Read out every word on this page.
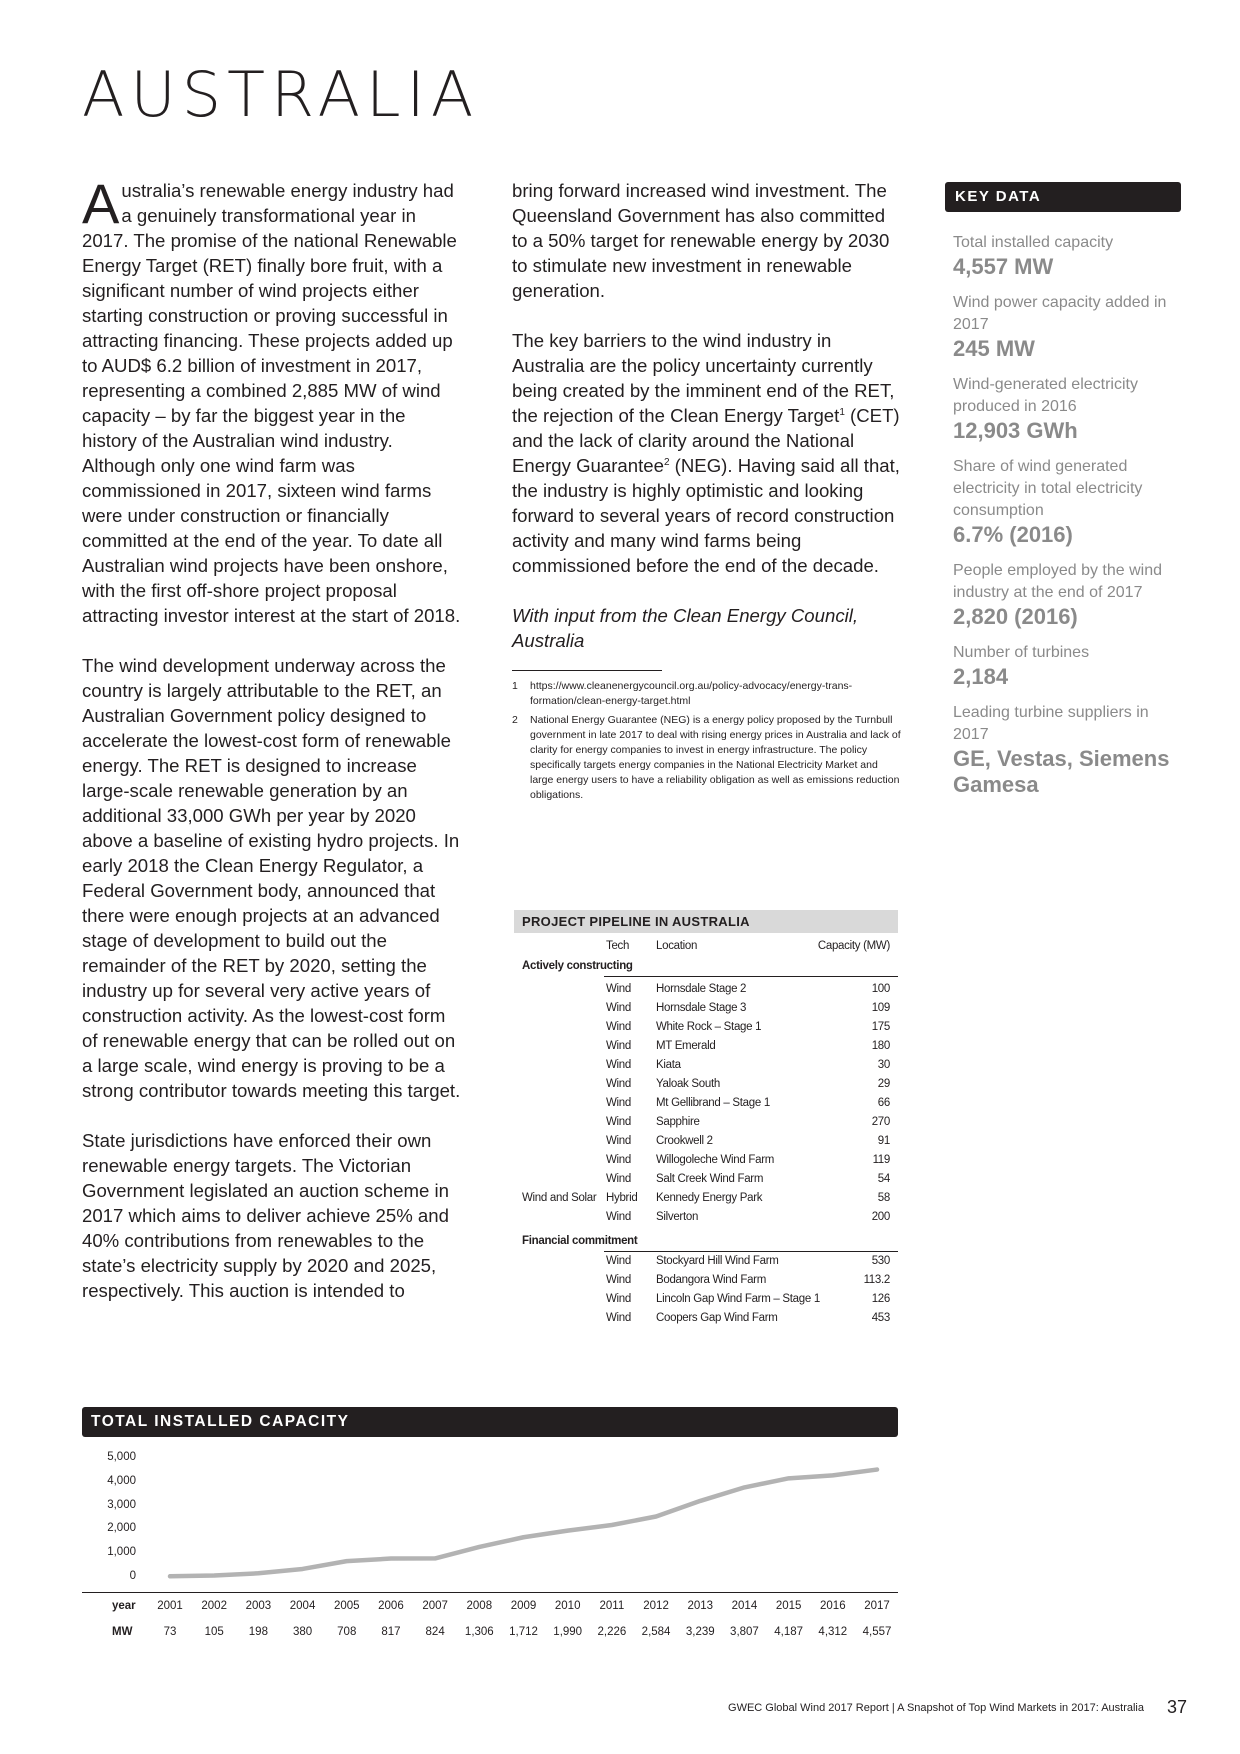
AUSTRALIA

Australia’s renewable energy industry had a genuinely transformational year in 2017. The promise of the national Renewable Energy Target (RET) finally bore fruit, with a significant number of wind projects either starting construction or proving successful in attracting financing. These projects added up to AUD$ 6.2 billion of investment in 2017, representing a combined 2,885 MW of wind capacity – by far the biggest year in the history of the Australian wind industry. Although only one wind farm was commissioned in 2017, sixteen wind farms were under construction or financially committed at the end of the year. To date all Australian wind projects have been onshore, with the first off-shore project proposal attracting investor interest at the start of 2018.

The wind development underway across the country is largely attributable to the RET, an Australian Government policy designed to accelerate the lowest-cost form of renewable energy. The RET is designed to increase large-scale renewable generation by an additional 33,000 GWh per year by 2020 above a baseline of existing hydro projects. In early 2018 the Clean Energy Regulator, a Federal Government body, announced that there were enough projects at an advanced stage of development to build out the remainder of the RET by 2020, setting the industry up for several very active years of construction activity. As the lowest-cost form of renewable energy that can be rolled out on a large scale, wind energy is proving to be a strong contributor towards meeting this target.

State jurisdictions have enforced their own renewable energy targets. The Victorian Government legislated an auction scheme in 2017 which aims to deliver achieve 25% and 40% contributions from renewables to the state’s electricity supply by 2020 and 2025, respectively. This auction is intended to

bring forward increased wind investment. The Queensland Government has also committed to a 50% target for renewable energy by 2030 to stimulate new investment in renewable generation.

The key barriers to the wind industry in Australia are the policy uncertainty currently being created by the imminent end of the RET, the rejection of the Clean Energy Target$^1$ (CET) and the lack of clarity around the National Energy Guarantee$^2$ (NEG). Having said all that, the industry is highly optimistic and looking forward to several years of record construction activity and many wind farms being commissioned before the end of the decade.

With input from the Clean Energy Council, Australia

1	https://www.cleanenergycouncil.org.au/policy-advocacy/energy-trans-formation/clean-energy-target.html
2	National Energy Guarantee (NEG) is a energy policy proposed by the Turnbull government in late 2017 to deal with rising energy prices in Australia and lack of clarity for energy companies to invest in energy infrastructure. The policy specifically targets energy companies in the National Electricity Market and large energy users to have a reliability obligation as well as emissions reduction obligations.
KEY DATA
Total installed capacity
4,557 MW
Wind power capacity added in 2017
245 MW
Wind-generated electricity produced in 2016
12,903 GWh
Share of wind generated electricity in total electricity consumption
6.7% (2016)
People employed by the wind industry at the end of 2017
2,820 (2016)
Number of turbines
2,184
Leading turbine suppliers in 2017
GE, Vestas, Siemens Gamesa
PROJECT PIPELINE IN AUSTRALIA
Tech Location	Capacity (MW)
Actively constructing
Wind Hornsdale Stage 2	100
Wind Hornsdale Stage 3	109
Wind White Rock – Stage 1	175
Wind MT Emerald	180
Wind Kiata	30
Wind Yaloak South	29
Wind Mt Gellibrand – Stage 1	66
Wind Sapphire	270
Wind Crookwell 2	91
Wind Willogoleche Wind Farm	119
Wind Salt Creek Wind Farm	54
Wind and Solar Hybrid Kennedy Energy Park	58
Wind Silverton	200
Financial commitment
Wind Stockyard Hill Wind Farm	530
Wind Bodangora Wind Farm	113.2
Wind Lincoln Gap Wind Farm – Stage 1	126
Wind Coopers Gap Wind Farm	453
TOTAL INSTALLED CAPACITY
5,000
4,000
3,000
2,000
1,000
0
year 2001 2002 2003 2004 2005 2006 2007 2008 2009 2010 2011 2012 2013 2014 2015 2016 2017
MW	73 105 198 380 708 817 824 1,306 1,712 1,990 2,226 2,584 3,239 3,807 4,187 4,312 4,557
GWEC Global Wind 2017 Report | A Snapshot of Top Wind Markets in 2017: Australia 37
